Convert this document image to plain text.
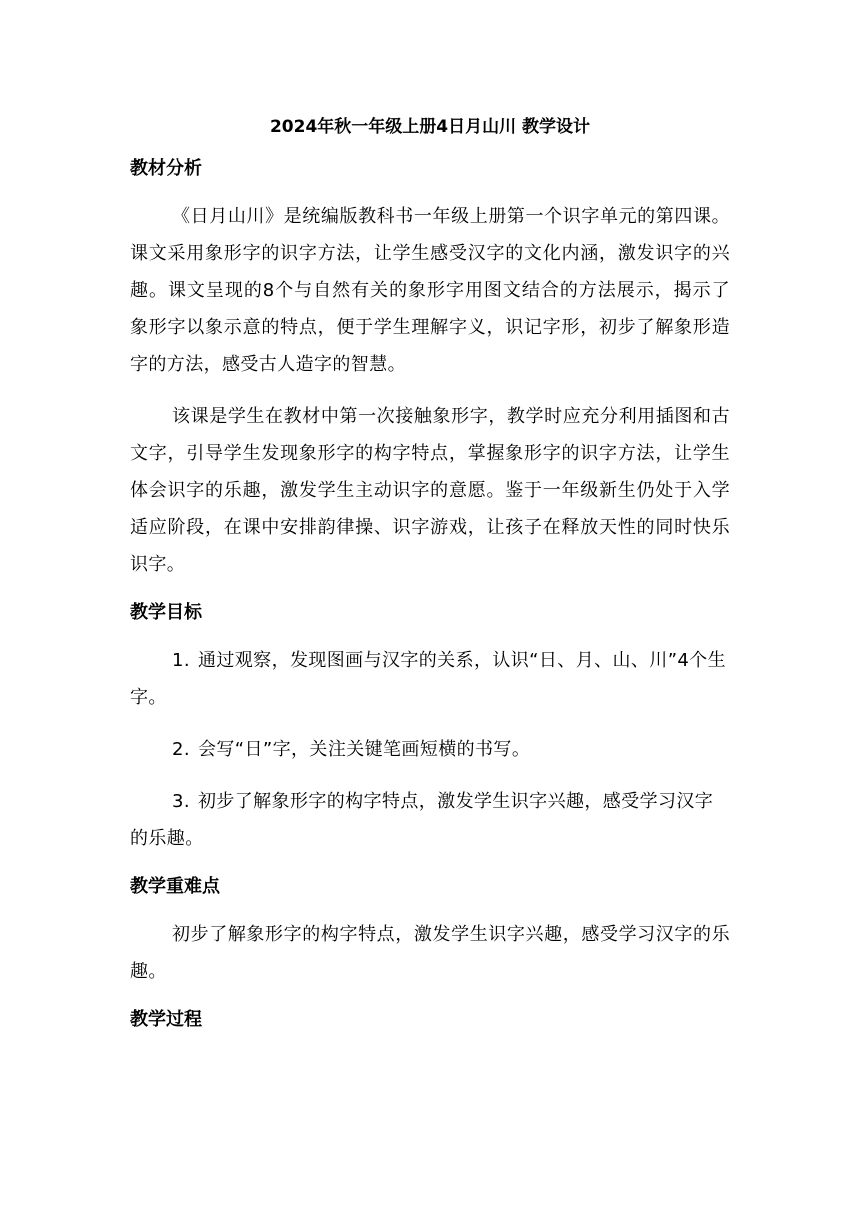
2024年秋一年级上册4日月山川 教学设计
教材分析

《日月山川》是统编版教科书一年级上册第一个识字单元的第四课。课文采用象形字的识字方法，让学生感受汉字的文化内涵，激发识字的兴趣。课文呈现的8个与自然有关的象形字用图文结合的方法展示，揭示了象形字以象示意的特点，便于学生理解字义，识记字形，初步了解象形造字的方法，感受古人造字的智慧。

该课是学生在教材中第一次接触象形字，教学时应充分利用插图和古文字，引导学生发现象形字的构字特点，掌握象形字的识字方法，让学生体会识字的乐趣，激发学生主动识字的意愿。鉴于一年级新生仍处于入学适应阶段，在课中安排韵律操、识字游戏，让孩子在释放天性的同时快乐识字。

教学目标

1. 通过观察，发现图画与汉字的关系，认识“日、月、山、川”4个生字。

2. 会写“日”字，关注关键笔画短横的书写。

3. 初步了解象形字的构字特点，激发学生识字兴趣，感受学习汉字的乐趣。

教学重难点

初步了解象形字的构字特点，激发学生识字兴趣，感受学习汉字的乐趣。

教学过程
